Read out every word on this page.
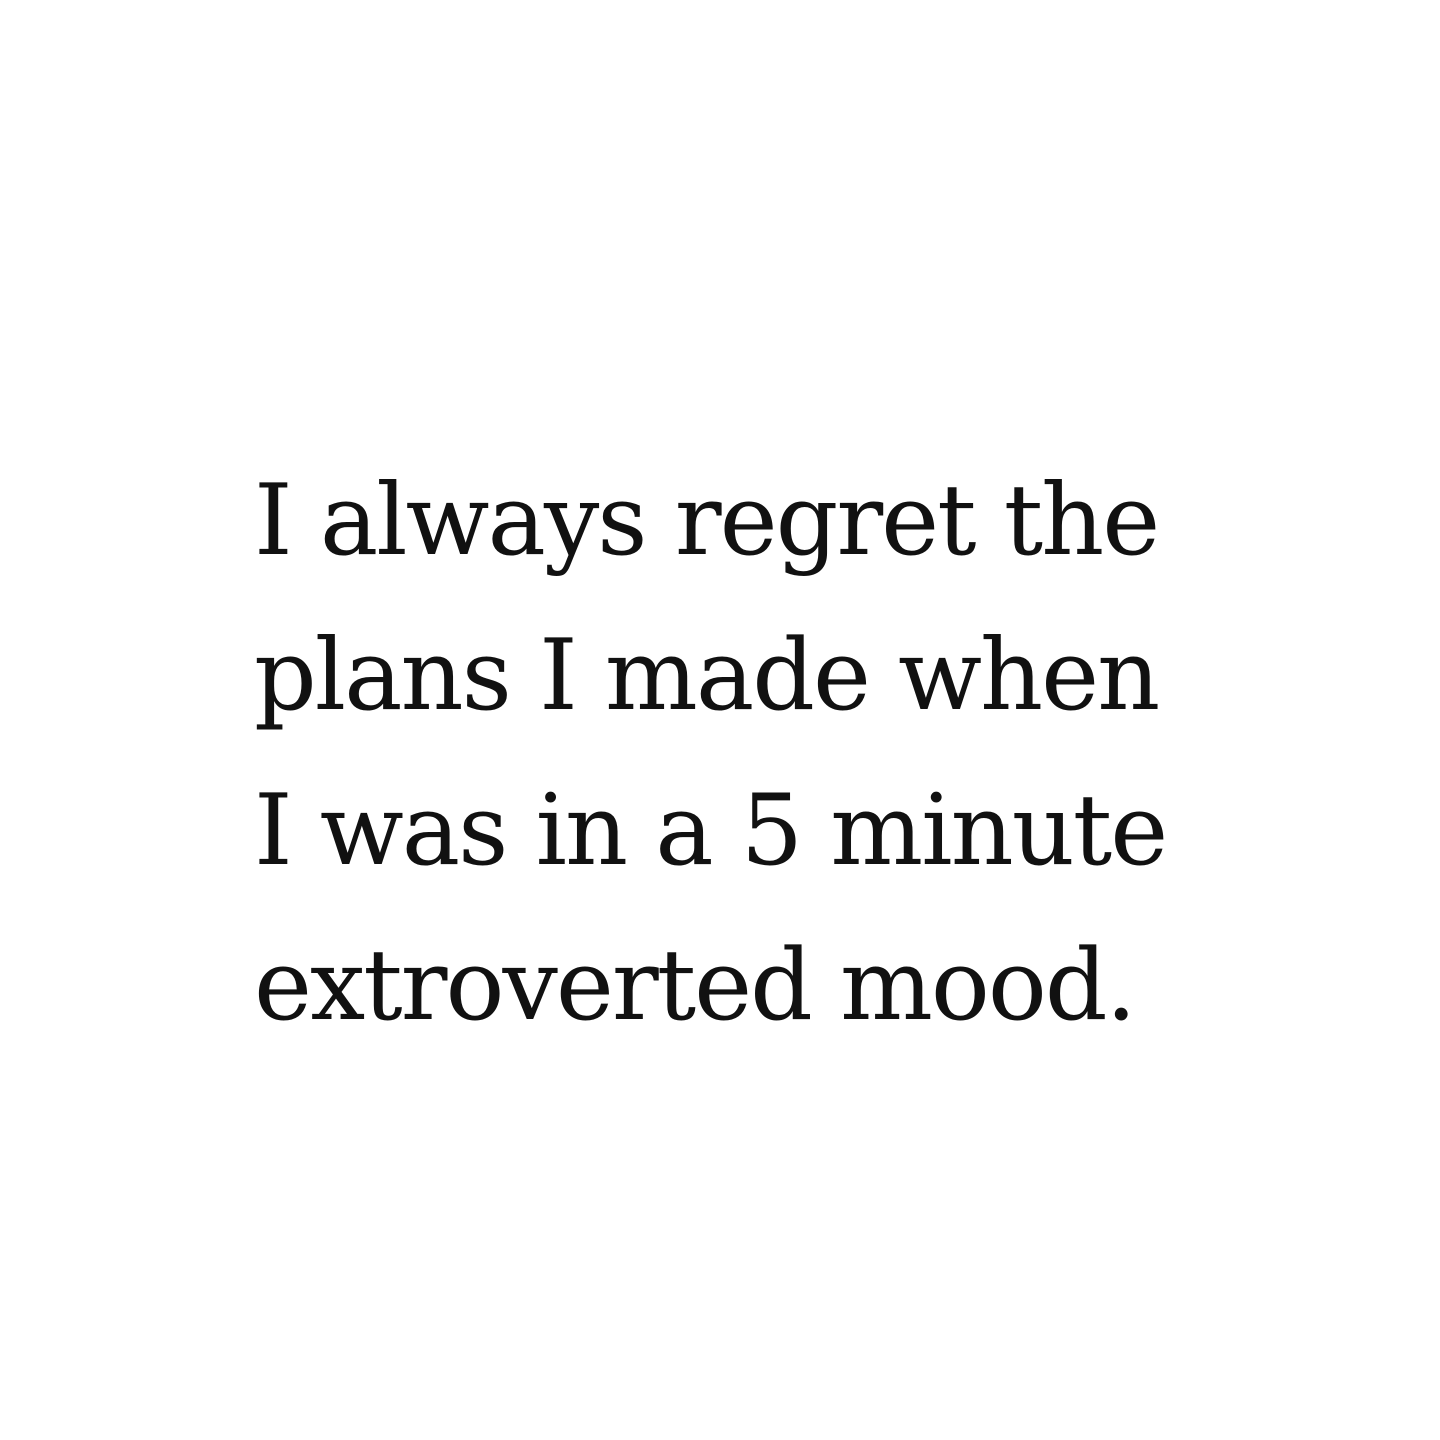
I always regret the
plans I made when
I was in a 5 minute
extroverted mood.
